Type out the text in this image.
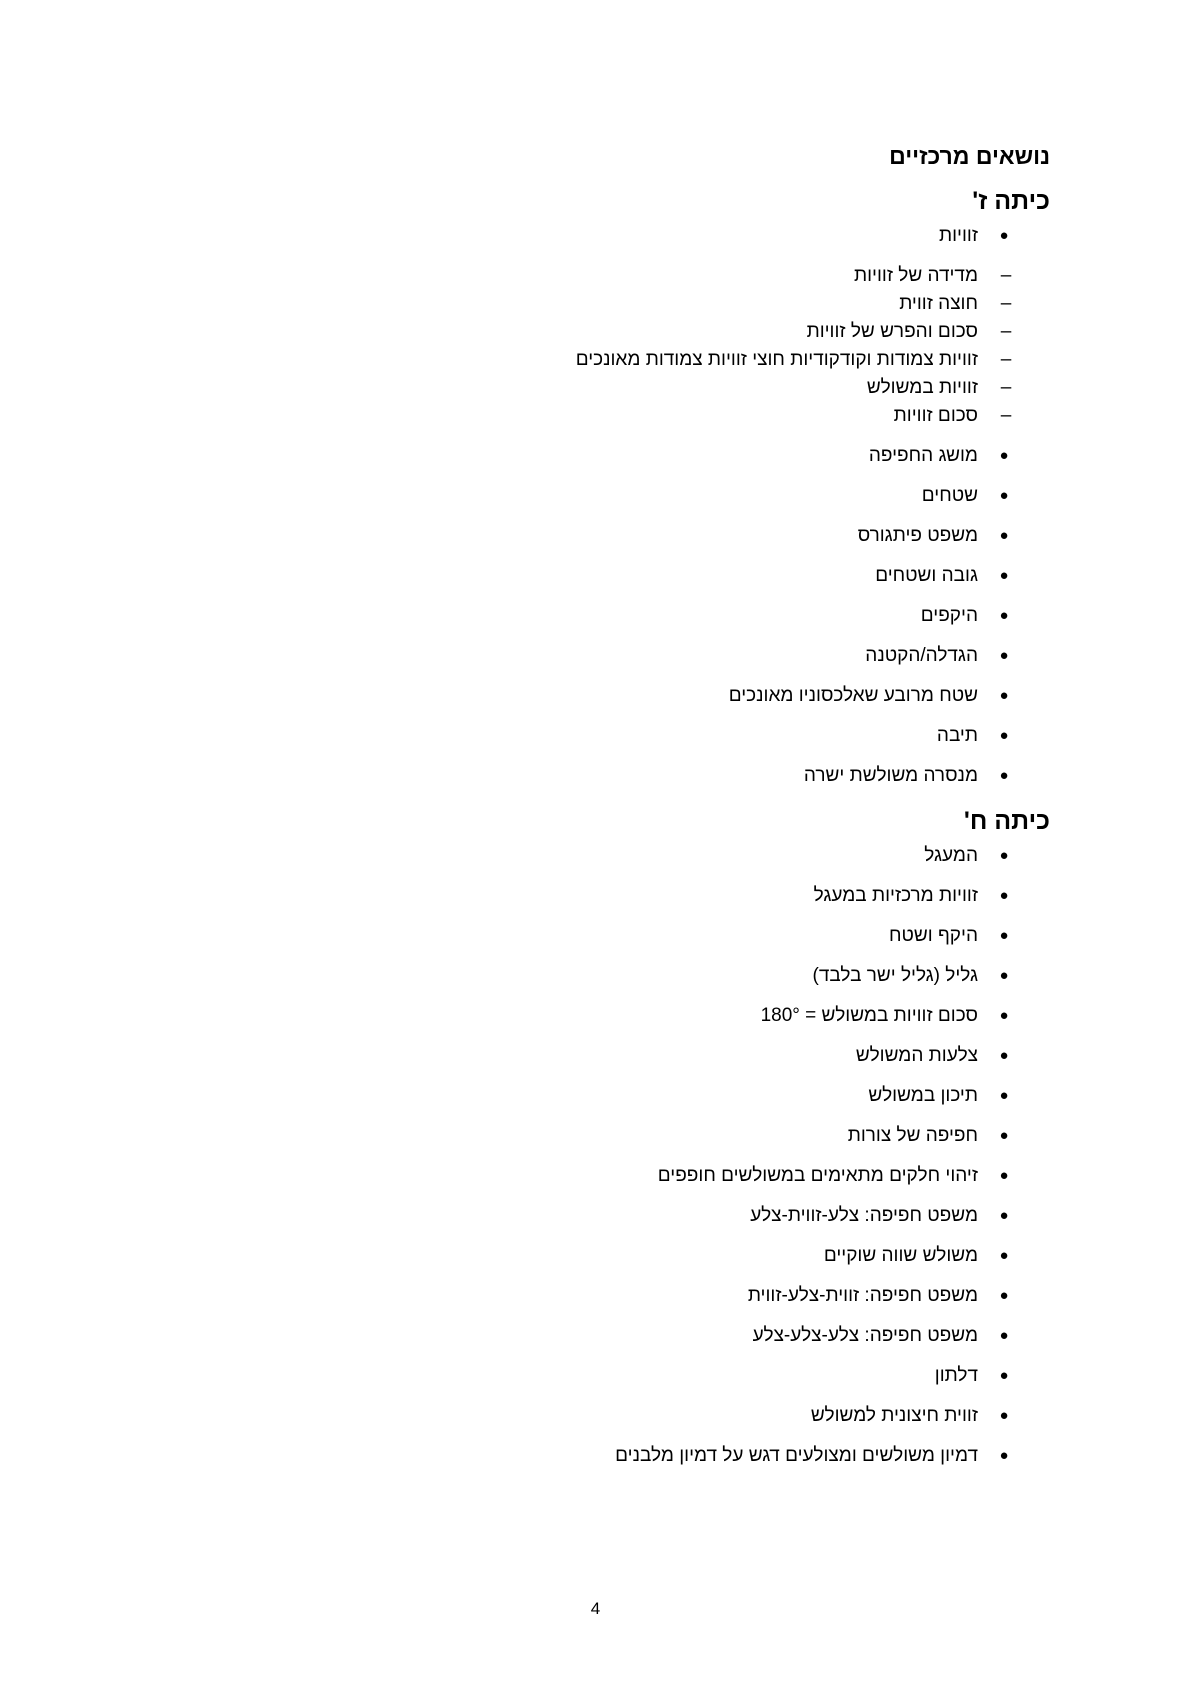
נושאים מרכזיים
כיתה ז'
●
זוויות
–
מדידה של זוויות
–
חוצה זווית
–
סכום והפרש של זוויות
–
זוויות צמודות וקודקודיות חוצי זוויות צמודות מאונכים
–
זוויות במשולש
–
סכום זוויות
●
מושג החפיפה
●
שטחים
●
משפט פיתגורס
●
גובה ושטחים
●
היקפים
●
הגדלה/הקטנה
●
שטח מרובע שאלכסוניו מאונכים
●
תיבה
●
מנסרה משולשת ישרה
כיתה ח'
●
המעגל
●
זוויות מרכזיות במעגל
●
היקף ושטח
●
גליל (גליל ישר בלבד)
●
סכום זוויות במשולש = 180°
●
צלעות המשולש
●
תיכון במשולש
●
חפיפה של צורות
●
זיהוי חלקים מתאימים במשולשים חופפים
●
משפט חפיפה: צלע-זווית-צלע
●
משולש שווה שוקיים
●
משפט חפיפה: זווית-צלע-זווית
●
משפט חפיפה: צלע-צלע-צלע
●
דלתון
●
זווית חיצונית למשולש
●
דמיון משולשים ומצולעים דגש על דמיון מלבנים
4
